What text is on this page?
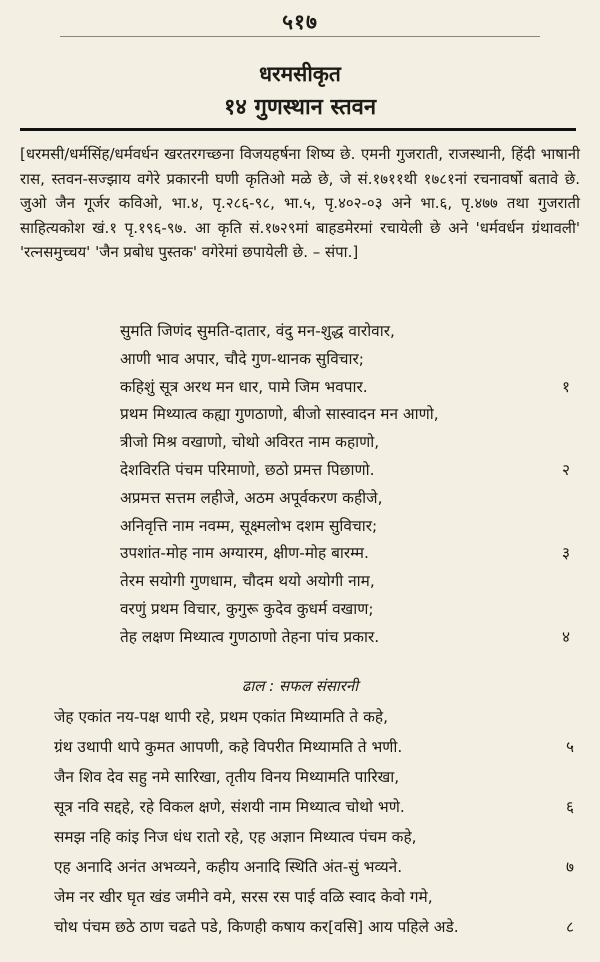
५१७
धरमसीकृत
१४ गुणस्थान स्तवन

[धरमसी/धर्मसिंह/धर्मवर्धन खरतरगच्छना विजयहर्षना शिष्य छे. एमनी गुजराती, राजस्थानी, हिंदी भाषानी रास, स्तवन-सज्झाय वगेरे प्रकारनी घणी कृतिओ मळे छे, जे सं.१७११थी १७८१नां रचनावर्षो बतावे छे. जुओ जैन गूर्जर कविओ, भा.४, पृ.२८६-९८, भा.५, पृ.४०२-०३ अने भा.६, पृ.४७७ तथा गुजराती साहित्यकोश खं.१ पृ.१९६-९७. आ कृति सं.१७२९मां बाहडमेरमां रचायेली छे अने 'धर्मवर्धन ग्रंथावली' 'रत्नसमुच्चय' 'जैन प्रबोध पुस्तक' वगेरेमां छपायेली छे. – संपा.]

सुमति जिणंद सुमति-दातार, वंदु मन-शुद्ध वारोवार,
आणी भाव अपार, चौदे गुण-थानक सुविचार;
कहिशुं सूत्र अरथ मन धार, पामे जिम भवपार.	१
प्रथम मिथ्यात्व कह्या गुणठाणो, बीजो सास्वादन मन आणो,
त्रीजो मिश्र वखाणो, चोथो अविरत नाम कहाणो,
देशविरति पंचम परिमाणो, छठो प्रमत्त पिछाणो.	२
अप्रमत्त सत्तम लहीजे, अठम अपूर्वकरण कहीजे,
अनिवृत्ति नाम नवम्म, सूक्ष्मलोभ दशम सुविचार;
उपशांत-मोह नाम अग्यारम, क्षीण-मोह बारम्म.	३
तेरम सयोगी गुणधाम, चौदम थयो अयोगी नाम,
वरणुं प्रथम विचार, कुगुरू कुदेव कुधर्म वखाण;
तेह लक्षण मिथ्यात्व गुणठाणो तेहना पांच प्रकार.	४
ढाल : सफल संसारनी
जेह एकांत नय-पक्ष थापी रहे, प्रथम एकांत मिथ्यामति ते कहे,
ग्रंथ उथापी थापे कुमत आपणी, कहे विपरीत मिथ्यामति ते भणी.	५
जैन शिव देव सहु नमे सारिखा, तृतीय विनय मिथ्यामति पारिखा,
सूत्र नवि सद्दहे, रहे विकल क्षणे, संशयी नाम मिथ्यात्व चोथो भणे.	६
समझ नहि कांइ निज धंध रातो रहे, एह अज्ञान मिथ्यात्व पंचम कहे,
एह अनादि अनंत अभव्यने, कहीय अनादि स्थिति अंत-सुं भव्यने.	७
जेम नर खीर घृत खंड जमीने वमे, सरस रस पाई वळि स्वाद केवो गमे,
चोथ पंचम छठे ठाण चढते पडे, किणही कषाय कर[वसि] आय पहिले अडे.	८
